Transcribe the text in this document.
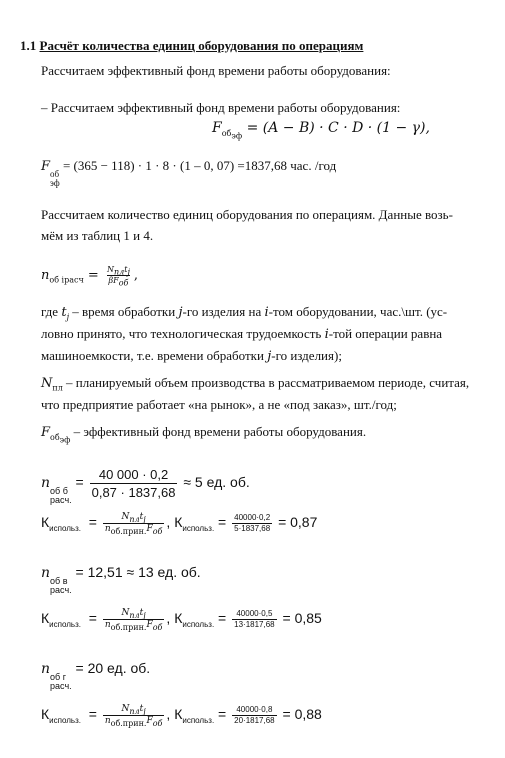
1.1 Расчёт количества единиц оборудования по операциям
Рассчитаем эффективный фонд времени работы оборудования:
– Рассчитаем эффективный фонд времени работы оборудования:
$F_{об_{эф}} = (A - B) \cdot C \cdot D \cdot (1 - \gamma)$,
F об
эф
= (365 − 118) · 1 · 8 · (1 – 0, 07) =1837,68 час. /год
Рассчитаем количество единиц оборудования по операциям. Данные возь-
мём из таблиц 1 и 4.
$n_{об iрасч} = \frac{N_{пл}t_j}{\beta F_{об}}$ ,
где $t_j$ – время обработки j-го изделия на i-том оборудовании, час.\шт. (ус-
ловно принято, что технологическая трудоемкость i-той операции равна
машиноемкости, т.е. времени обработки j-го изделия);
$N_{пл}$ – планируемый объем производства в рассматриваемом периоде, считая,
что предприятие работает «на рынок», а не «под заказ», шт./год;
$F_{об_{эф}}$ – эффективный фонд времени работы оборудования.
n об б
расч.
= $\frac{40 000 \cdot 0,2}{0,87 \cdot 1837,68} \approx 5$ ед. об.
$К_{использ.} = \frac{N_{пл}t_j}{n_{об.прин.}F_{об}}$ , $К_{использ.} = \frac{40000\cdot 0,2}{5\cdot 1837,68} = 0,87$
n об в
расч.
= 12,51 ≈ 13 ед. об.
$К_{использ.} = \frac{N_{пл}t_j}{n_{об.прин.}F_{об}}$ , $К_{использ.} = \frac{40000\cdot 0,5}{13\cdot 1817,68} = 0,85$
n об г
расч.
= 20 ед. об.
$К_{использ.} = \frac{N_{пл}t_j}{n_{об.прин.}F_{об}}$ , $К_{использ.} = \frac{40000\cdot 0,8}{20\cdot 1817,68} = 0,88$
